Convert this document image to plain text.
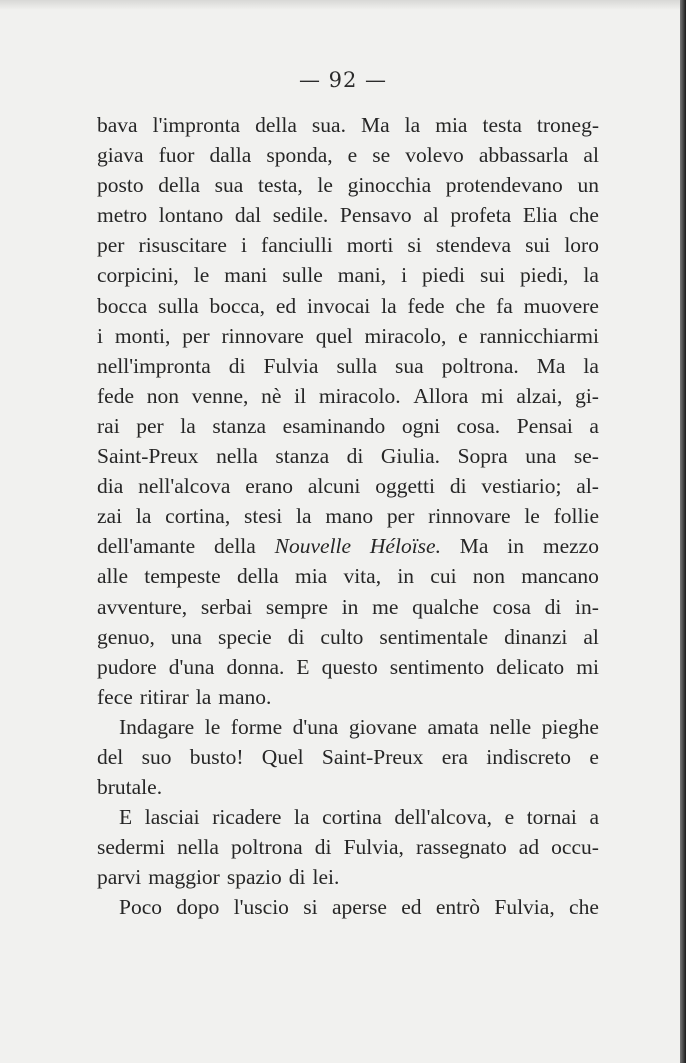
— 92 —
bava l'impronta della sua. Ma la mia testa troneg-
giava fuor dalla sponda, e se volevo abbassarla al
posto della sua testa, le ginocchia protendevano un
metro lontano dal sedile. Pensavo al profeta Elia che
per risuscitare i fanciulli morti si stendeva sui loro
corpicini, le mani sulle mani, i piedi sui piedi, la
bocca sulla bocca, ed invocai la fede che fa muovere
i monti, per rinnovare quel miracolo, e rannicchiarmi
nell'impronta di Fulvia sulla sua poltrona. Ma la
fede non venne, nè il miracolo. Allora mi alzai, gi-
rai per la stanza esaminando ogni cosa. Pensai a
Saint-Preux nella stanza di Giulia. Sopra una se-
dia nell'alcova erano alcuni oggetti di vestiario; al-
zai la cortina, stesi la mano per rinnovare le follie
dell'amante della Nouvelle Héloïse. Ma in mezzo
alle tempeste della mia vita, in cui non mancano
avventure, serbai sempre in me qualche cosa di in-
genuo, una specie di culto sentimentale dinanzi al
pudore d'una donna. E questo sentimento delicato mi
fece ritirar la mano.
Indagare le forme d'una giovane amata nelle pieghe
del suo busto! Quel Saint-Preux era indiscreto e
brutale.
E lasciai ricadere la cortina dell'alcova, e tornai a
sedermi nella poltrona di Fulvia, rassegnato ad occu-
parvi maggior spazio di lei.
Poco dopo l'uscio si aperse ed entrò Fulvia, che
